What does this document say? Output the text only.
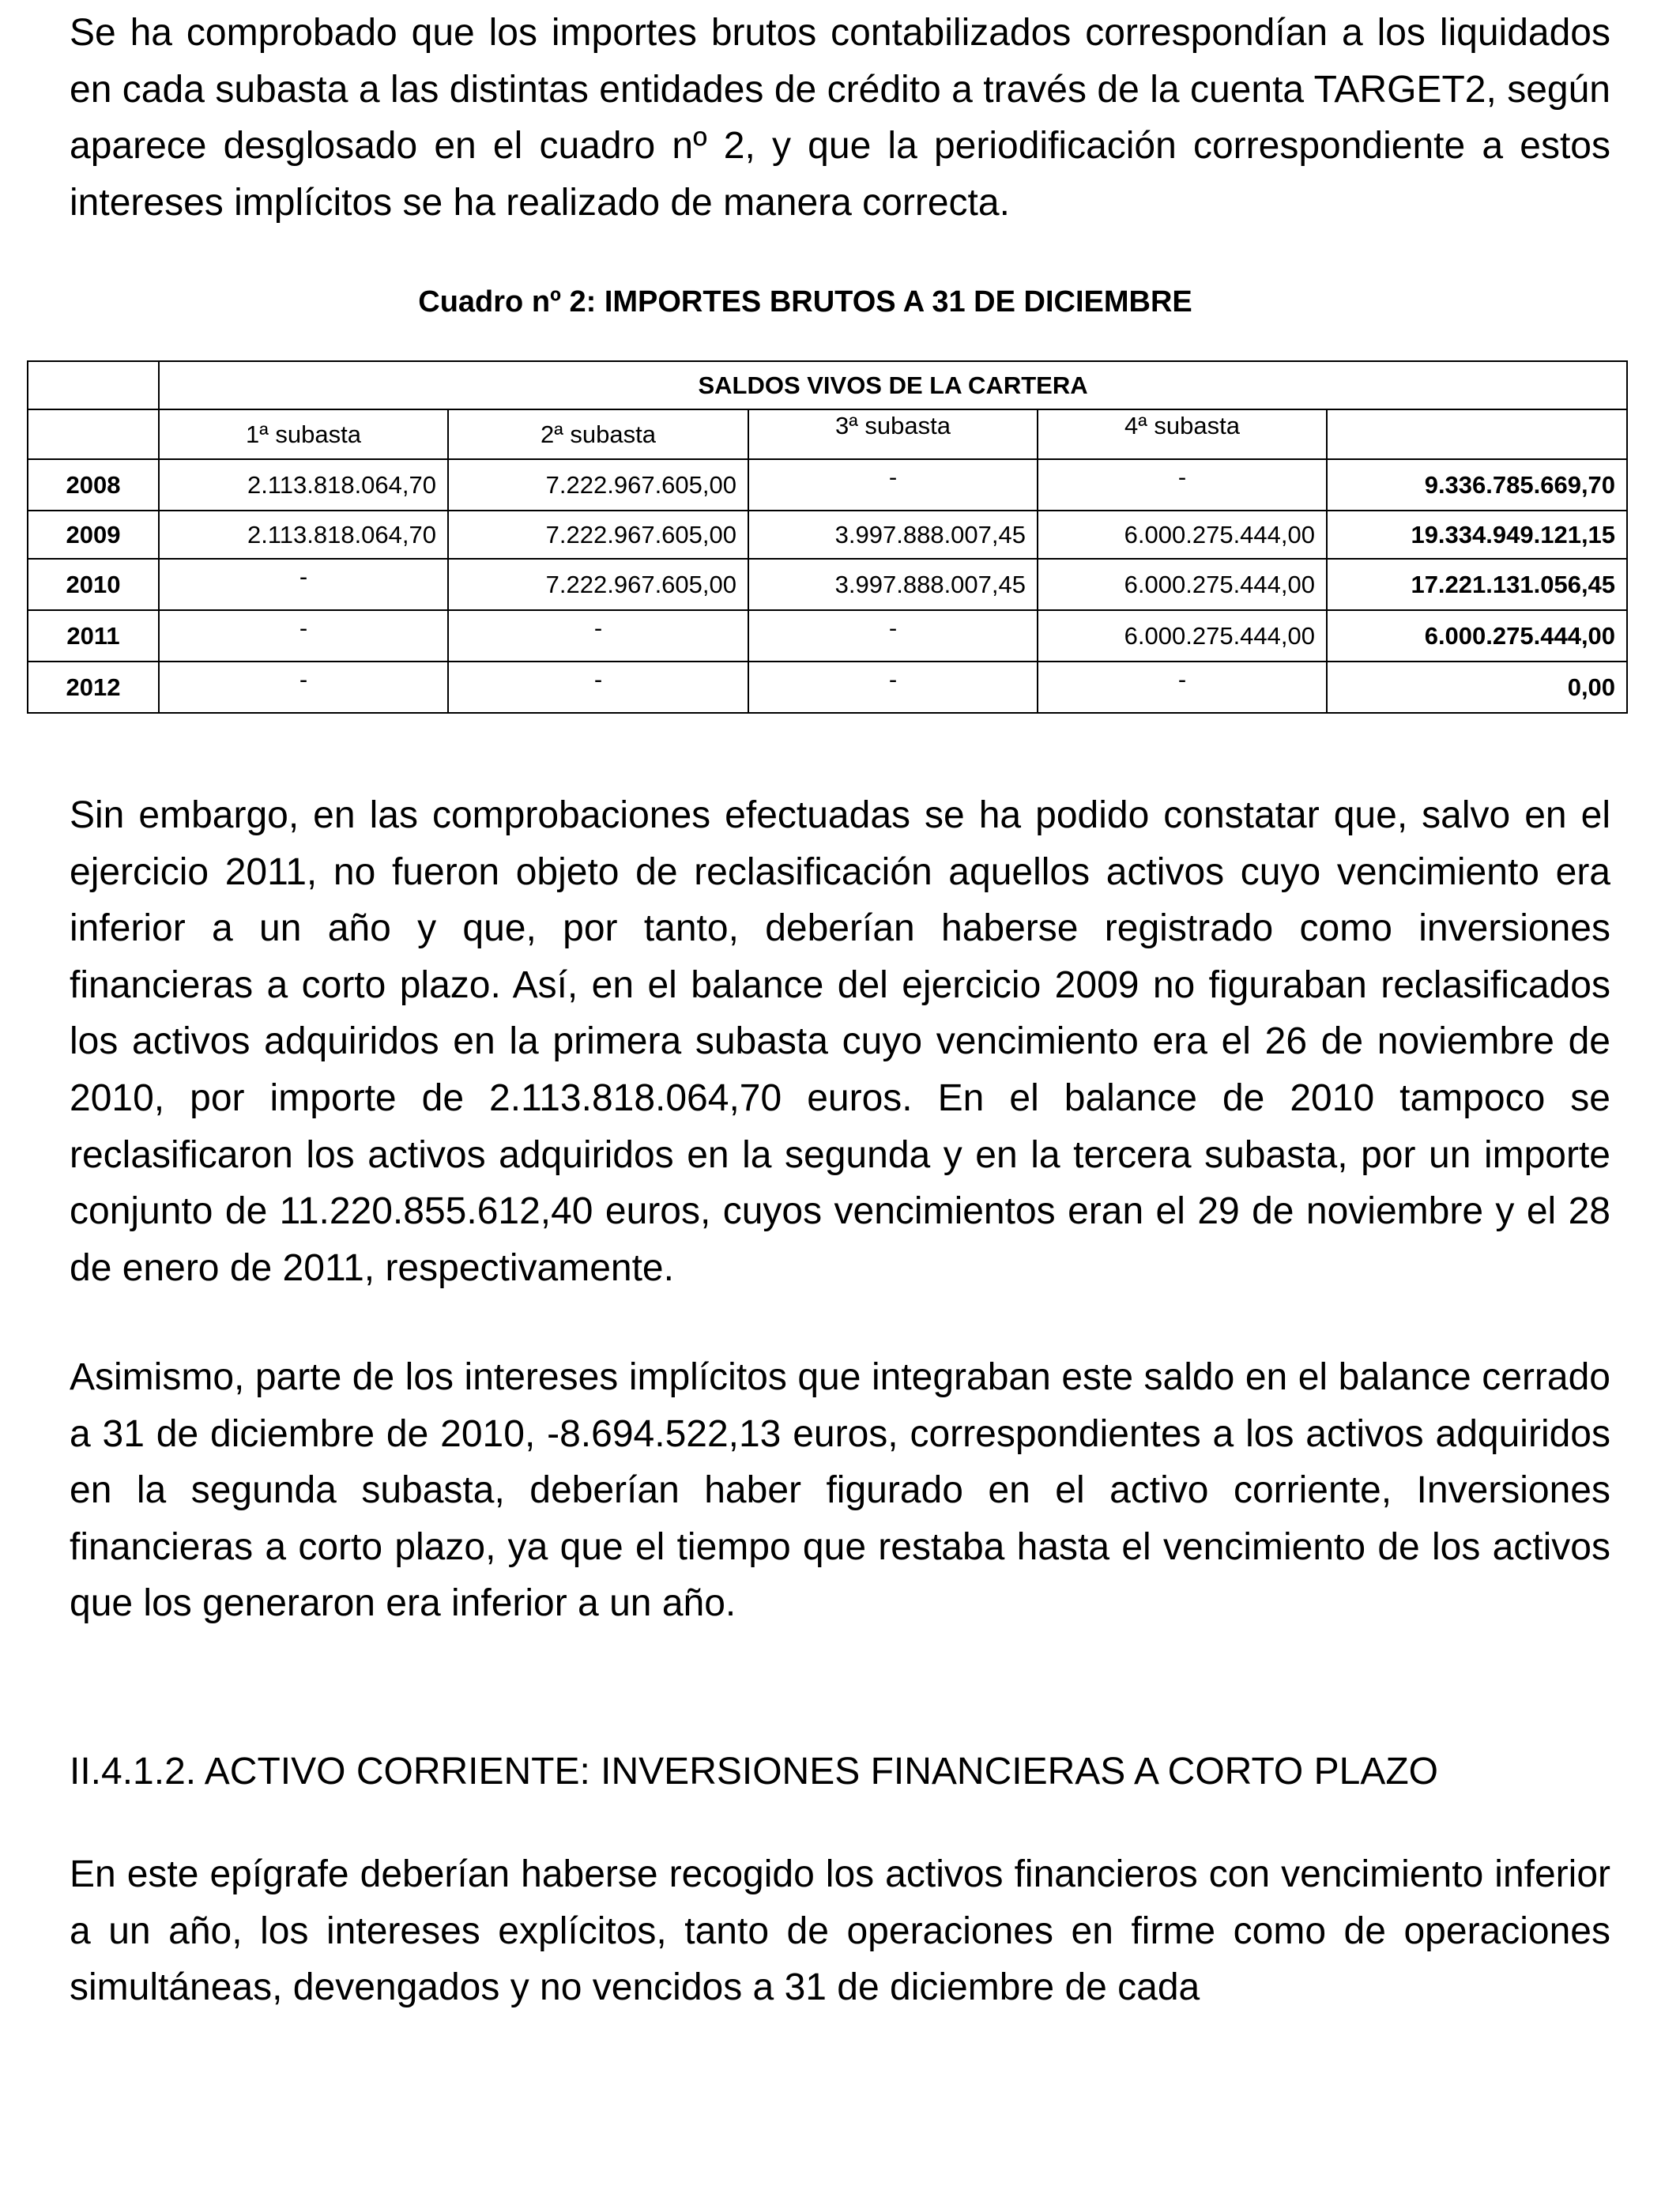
Se ha comprobado que los importes brutos contabilizados correspondían a los liquidados en cada subasta a las distintas entidades de crédito a través de la cuenta TARGET2, según aparece desglosado en el cuadro nº 2, y que la periodificación correspondiente a estos intereses implícitos se ha realizado de manera correcta.

Cuadro nº 2: IMPORTES BRUTOS A 31 DE DICIEMBRE
	SALDOS VIVOS DE LA CARTERA				
	1ª subasta	2ª subasta	3ª subasta	4ª subasta	
2008	2.113.818.064,70	7.222.967.605,00	-	-	9.336.785.669,70
2009	2.113.818.064,70	7.222.967.605,00	3.997.888.007,45	6.000.275.444,00	19.334.949.121,15
2010	-	7.222.967.605,00	3.997.888.007,45	6.000.275.444,00	17.221.131.056,45
2011	-	-	-	6.000.275.444,00	6.000.275.444,00
2012	-	-	-	-	0,00

Sin embargo, en las comprobaciones efectuadas se ha podido constatar que, salvo en el ejercicio 2011, no fueron objeto de reclasificación aquellos activos cuyo vencimiento era inferior a un año y que, por tanto, deberían haberse registrado como inversiones financieras a corto plazo. Así, en el balance del ejercicio 2009 no figuraban reclasificados los activos adquiridos en la primera subasta cuyo vencimiento era el 26 de noviembre de 2010, por importe de 2.113.818.064,70 euros. En el balance de 2010 tampoco se reclasificaron los activos adquiridos en la segunda y en la tercera subasta, por un importe conjunto de 11.220.855.612,40 euros, cuyos vencimientos eran el 29 de noviembre y el 28 de enero de 2011, respectivamente.

Asimismo, parte de los intereses implícitos que integraban este saldo en el balance cerrado a 31 de diciembre de 2010, -8.694.522,13 euros, correspondientes a los activos adquiridos en la segunda subasta, deberían haber figurado en el activo corriente, Inversiones financieras a corto plazo, ya que el tiempo que restaba hasta el vencimiento de los activos que los generaron era inferior a un año.

II.4.1.2. ACTIVO CORRIENTE: INVERSIONES FINANCIERAS A CORTO PLAZO

En este epígrafe deberían haberse recogido los activos financieros con vencimiento inferior a un año, los intereses explícitos, tanto de operaciones en firme como de operaciones simultáneas, devengados y no vencidos a 31 de diciembre de cada
